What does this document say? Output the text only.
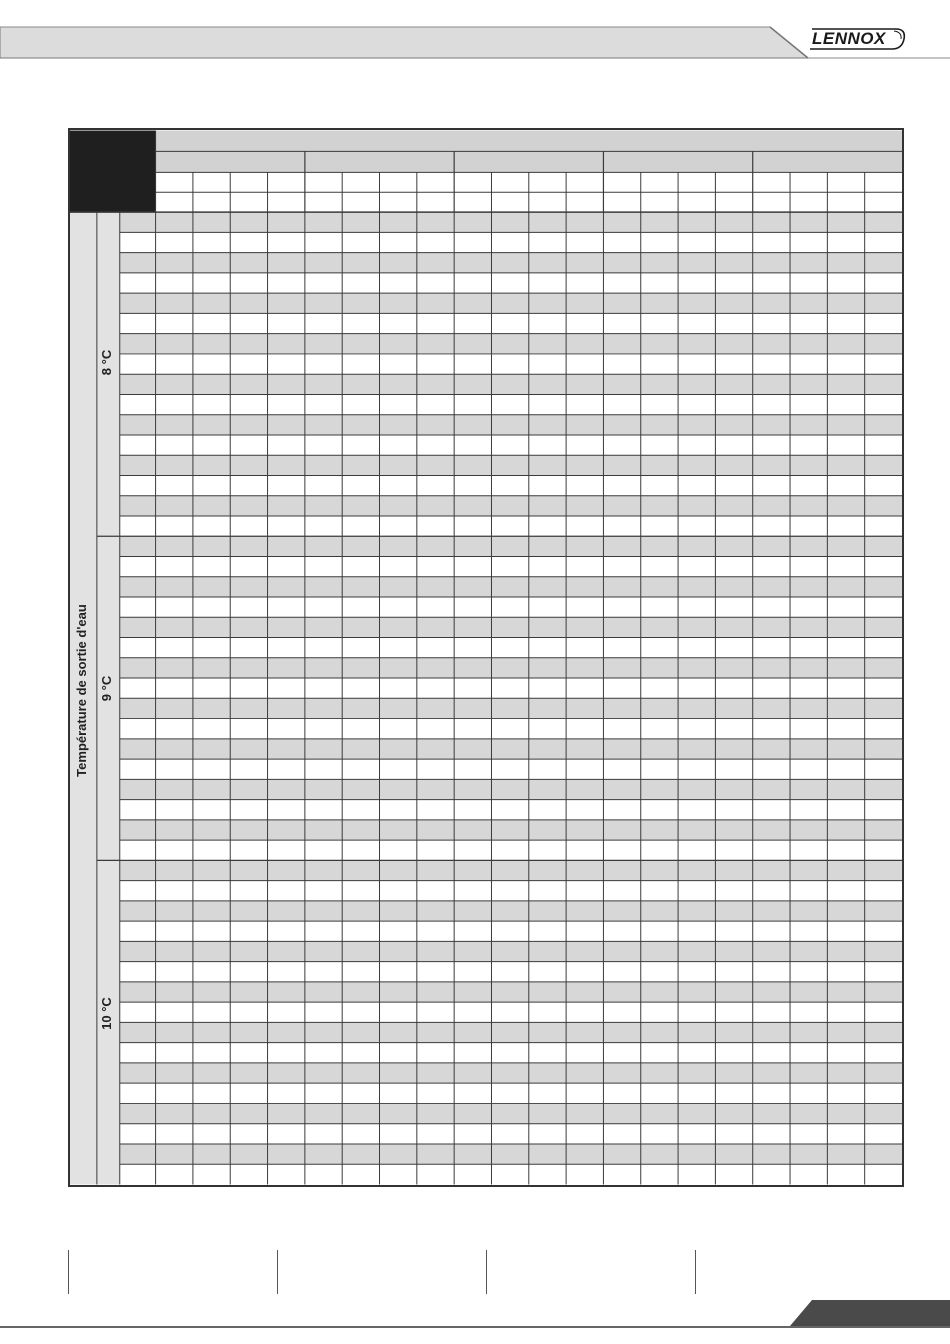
LENNOX
Température de sortie d'eau
8 °C
9 °C
10 °C
